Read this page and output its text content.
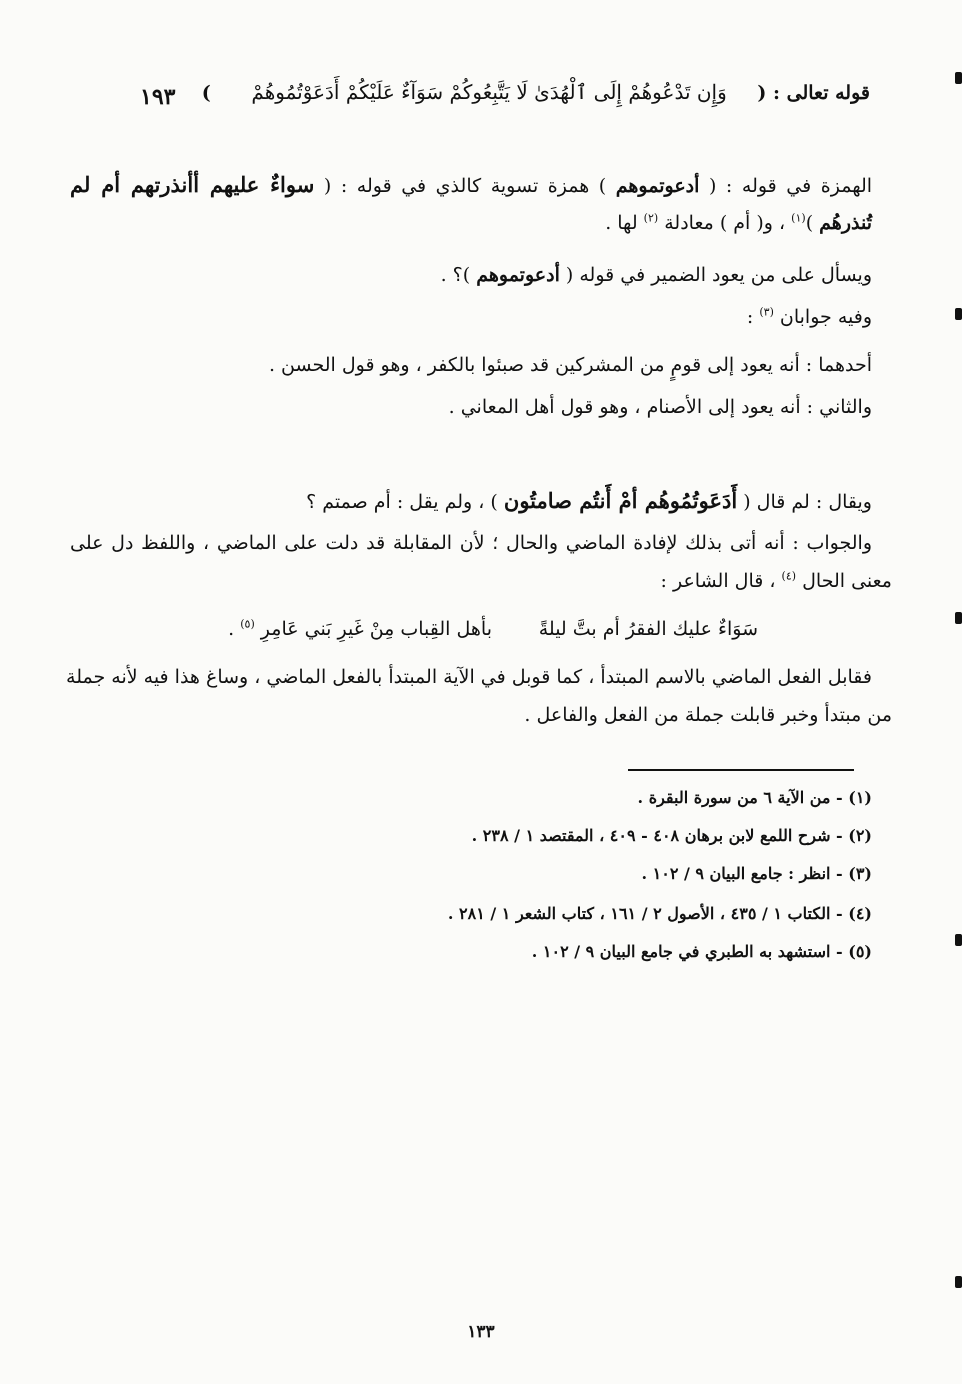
قوله تعالى : ( وَإِن تَدْعُوهُمْ إِلَى ٱلْهُدَىٰ لَا يَتَّبِعُوكُمْ سَوَآءٌ عَلَيْكُمْ أَدَعَوْتُمُوهُمْ )
١٩٣
الهمزة في قوله : ( أدعوتموهم ) همزة تسوية كالذي في قوله : ( سواءٌ عليهم أأنذرتهم أم لم
تُنذرهُم )$^{(١)}$ ، و( أم ) معادلة $^{(٢)}$ لها .
ويسأل على من يعود الضمير في قوله ( أدعوتموهم )؟ .
وفيه جوابان $^{(٣)}$ :
أحدهما : أنه يعود إلى قومٍ من المشركين قد صبئوا بالكفر ، وهو قول الحسن .
والثاني : أنه يعود إلى الأصنام ، وهو قول أهل المعاني .
ويقال : لم قال ( أَدَعَوتُمُوهُم أمْ أَنتُم صامتُون ) ، ولم يقل : أم صمتم ؟
والجواب : أنه أتى بذلك لإفادة الماضي والحال ؛ لأن المقابلة قد دلت على الماضي ، واللفظ دل على
معنى الحال $^{(٤)}$ ، قال الشاعر :
سَوَاءٌ عليك الفقرُ أم بتَّ ليلةً
بأهل القِباب مِنْ غَيرِ بَني عَامِرِ $^{(٥)}$ .
فقابل الفعل الماضي بالاسم المبتدأ ، كما قوبل في الآية المبتدأ بالفعل الماضي ، وساغ هذا فيه لأنه جملة
من مبتدأ وخبر قابلت جملة من الفعل والفاعل .
(١) - من الآية ٦ من سورة البقرة .
(٢) - شرح اللمع لابن برهان ٤٠٨ - ٤٠٩ ، المقتصد ١ / ٢٣٨ .
(٣) - انظر : جامع البيان ٩ / ١٠٢ .
(٤) - الكتاب ١ / ٤٣٥ ، الأصول ٢ / ١٦١ ، كتاب الشعر ١ / ٢٨١ .
(٥) - استشهد به الطبري في جامع البيان ٩ / ١٠٢ .
١٣٣
